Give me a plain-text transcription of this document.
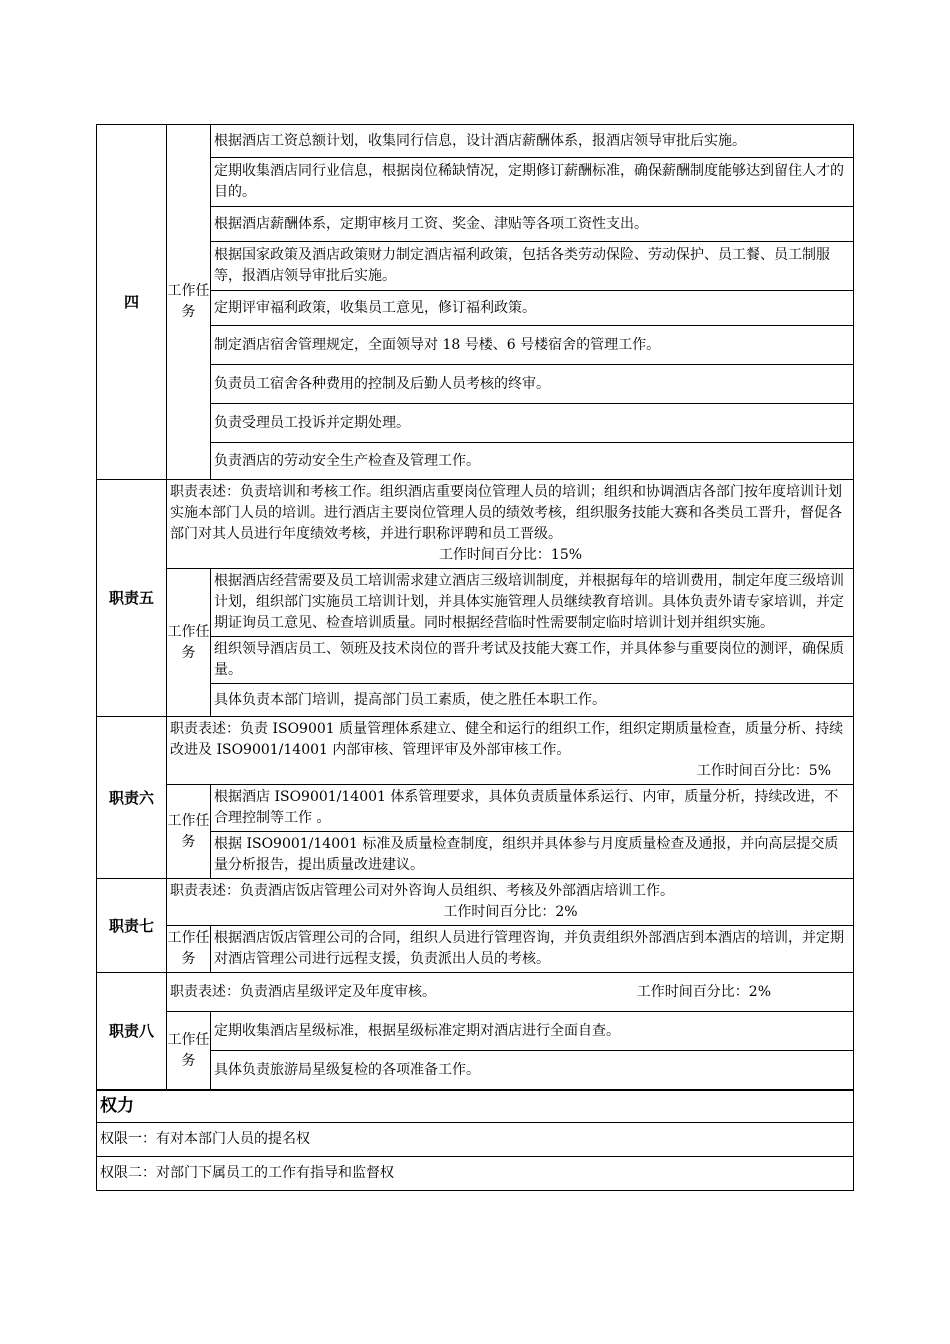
四	工作任务	根据酒店工资总额计划，收集同行信息，设计酒店薪酬体系，报酒店领导审批后实施。
		定期收集酒店同行业信息，根据岗位稀缺情况，定期修订薪酬标准，确保薪酬制度能够达到留住人才的目的。
		根据酒店薪酬体系，定期审核月工资、奖金、津贴等各项工资性支出。
		根据国家政策及酒店政策财力制定酒店福利政策，包括各类劳动保险、劳动保护、员工餐、员工制服等，报酒店领导审批后实施。
		定期评审福利政策，收集员工意见，修订福利政策。
		制定酒店宿舍管理规定，全面领导对 18 号楼、6 号楼宿舍的管理工作。
		负责员工宿舍各种费用的控制及后勤人员考核的终审。
		负责受理员工投诉并定期处理。
		负责酒店的劳动安全生产检查及管理工作。
职责五	职责表述：负责培训和考核工作。组织酒店重要岗位管理人员的培训；组织和协调酒店各部门按年度培训计划实施本部门人员的培训。进行酒店主要岗位管理人员的绩效考核，组织服务技能大赛和各类员工晋升，督促各部门对其人员进行年度绩效考核，并进行职称评聘和员工晋级。
工作时间百分比：15%	

	工作任务	根据酒店经营需要及员工培训需求建立酒店三级培训制度，并根据每年的培训费用，制定年度三级培训计划，组织部门实施员工培训计划，并具体实施管理人员继续教育培训。具体负责外请专家培训，并定期证询员工意见、检查培训质量。同时根据经营临时性需要制定临时培训计划并组织实施。
		组织领导酒店员工、领班及技术岗位的晋升考试及技能大赛工作，并具体参与重要岗位的测评，确保质量。
		具体负责本部门培训，提高部门员工素质，使之胜任本职工作。
职责六	职责表述：负责 ISO9001 质量管理体系建立、健全和运行的组织工作，组织定期质量检查，质量分析、持续改进及 ISO9001/14001 内部审核、管理评审及外部审核工作。
工作时间百分比：5%	

	工作任务	根据酒店 ISO9001/14001 体系管理要求，具体负责质量体系运行、内审，质量分析，持续改进，不合理控制等工作 。
		根据 ISO9001/14001 标准及质量检查制度，组织并具体参与月度质量检查及通报，并向高层提交质量分析报告，提出质量改进建议。
职责七	职责表述：负责酒店饭店管理公司对外咨询人员组织、考核及外部酒店培训工作。
工作时间百分比：2%	

	工作任务	根据酒店饭店管理公司的合同，组织人员进行管理咨询，并负责组织外部酒店到本酒店的培训，并定期对酒店管理公司进行远程支援，负责派出人员的考核。
职责八	职责表述：负责酒店星级评定及年度审核。 工作时间百分比：2%	

	工作任务	定期收集酒店星级标准，根据星级标准定期对酒店进行全面自查。
		具体负责旅游局星级复检的各项准备工作。
权力		
权限一：有对本部门人员的提名权		
权限二：对部门下属员工的工作有指导和监督权		
